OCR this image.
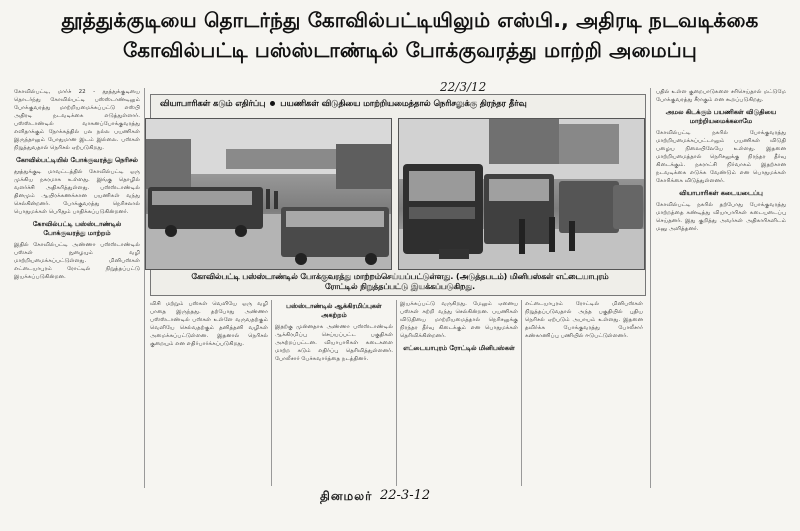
தூத்துக்குடியை தொடர்ந்து கோவில்பட்டியிலும் எஸ்பி., அதிரடி நடவடிக்கை
கோவில்பட்டி பஸ்ஸ்டாண்டில் போக்குவரத்து மாற்றி அமைப்பு

கோவில்பட்டி, மார்ச் 22 - தூத்துக்குடியை தொடர்ந்து கோவில்பட்டி பஸ்ஸ்டாண்டிலும் போக்குவரத்து மாற்றியமைக்கப்பட்டு எஸ்பி அதிரடி நடவடிக்கை எடுத்துள்ளார். பஸ்ஸ்டாண்டில் வாகனப்போக்குவரத்து எளிதாக்கும் நோக்கத்தில் பல நல்ல பயணிகள் இருந்தாலும் போதுமான இடம் இல்லை. பஸ்கள் நிறுத்துவதால் நெரிசல் ஏற்படுகிறது.

கோவில்பட்டியில் போக்குவரத்து நெரிசல்

தூத்துக்குடி மாவட்டத்தில் கோவில்பட்டி ஒரு முக்கிய நகரமாக உள்ளது. இங்கு தொழில் வளர்ச்சி அதிகரித்துள்ளது. பஸ்ஸ்டாண்டில் தினமும் ஆயிரக்கணக்கான பயணிகள் வந்து செல்கின்றனர். போக்குவரத்து நெரிசலால் பொதுமக்கள் பெரிதும் பாதிக்கப்படுகின்றனர்.

கோவில்பட்டி பஸ்ஸ்டாண்டில் போக்குவரத்து மாற்றம்

இதில் கோவில்பட்டி அண்ணா பஸ்ஸ்டாண்டில் பஸ்கள் நுழையும் வழி மாற்றியமைக்கப்பட்டுள்ளது. மினிபஸ்கள் எட்டையாபுரம் ரோட்டில் நிறுத்தப்பட்டு இயக்கப்படுகின்றன.

வியாபாரிகள் கடும் எதிர்ப்பு பயணிகள் விடுதியை மாற்றியமைத்தால் நெரிசலுக்கு திரந்தர தீர்வு
22/3/12
கோவில்பட்டி பஸ்ஸ்டாண்டில் போக்குவரத்து மாற்றம்செய்யப்பட்டுள்ளது. (அடுத்தபடம்) மினிபஸ்கள் எட்டையாபுரம் ரோட்டில் நிறுத்தப்பட்டு இயக்கப்படுகிறது.

விசி மற்றும் பஸ்கள் வெளியே ஒரு வழி பாதை இருந்தது. தற்போது அண்ணா பஸ்ஸ்டாண்டில் பஸ்கள் உள்ளே வருவதற்கும் வெளியே செல்வதற்கும் தனித்தனி வழிகள் அமைக்கப்பட்டுள்ளன. இதனால் நெரிசல் குறையும் என எதிர்பார்க்கப்படுகிறது.

பஸ்ஸ்டாண்டில் ஆக்கிரமிப்புகள் அகற்றம்

இதற்கு முன்னதாக அண்ணா பஸ்ஸ்டாண்டில் ஆக்கிரமிப்பு செய்யப்பட்ட பகுதிகள் அகற்றப்பட்டன. வியாபாரிகள் கடைகளை மாற்ற கடும் எதிர்ப்பு தெரிவித்துள்ளனர். போலீசார் பேச்சுவார்த்தை நடத்தினர்.

இயக்கப்பட்டு வருகிறது. மேலும் ஏனைய பஸ்கள் சுற்றி வந்து செல்கின்றன. பயணிகள் விடுதியை மாற்றியமைத்தால் நெரிசலுக்கு நிரந்தர தீர்வு கிடைக்கும் என பொதுமக்கள் தெரிவிக்கின்றனர்.

எட்டையாபுரம் ரோட்டில் மினிபஸ்கள்

எட்டையாபுரம் ரோட்டில் மினிபஸ்கள் நிறுத்தப்படுவதால் அந்த பகுதியில் புதிய நெரிசல் ஏற்படும் அபாயம் உள்ளது. இதனை தவிர்க்க போக்குவரத்து போலீசார் கண்காணிப்பு பணியில் ஈடுபட்டுள்ளனர்.

பதில் உள்ள குறைபாடுகளை சரிசெய்தால் மட்டுமே போக்குவரத்து சீராகும் என கூறப்படுகிறது.

அமல கிடக்கும் பயணிகள் விடுதியை மாற்றியமைக்கலாமே

கோவில்பட்டி நகரில் போக்குவரத்து மாற்றியமைக்கப்பட்டாலும் பயணிகள் விடுதி பழைய நிலையிலேயே உள்ளது. இதனை மாற்றியமைத்தால் நெரிசலுக்கு நிரந்தர தீர்வு கிடைக்கும். நகராட்சி நிர்வாகம் இதற்கான நடவடிக்கை எடுக்க வேண்டும் என பொதுமக்கள் கோரிக்கை விடுத்துள்ளனர்.

வியாபாரிகள் கடையடைப்பு

கோவில்பட்டி நகரில் தற்போது போக்குவரத்து மாற்றத்தை கண்டித்து வியாபாரிகள் கடையடைப்பு செய்தனர். இது குறித்து அவர்கள் அதிகாரிகளிடம் மனு அளித்தனர்.

தினமலர் 22-3-12
